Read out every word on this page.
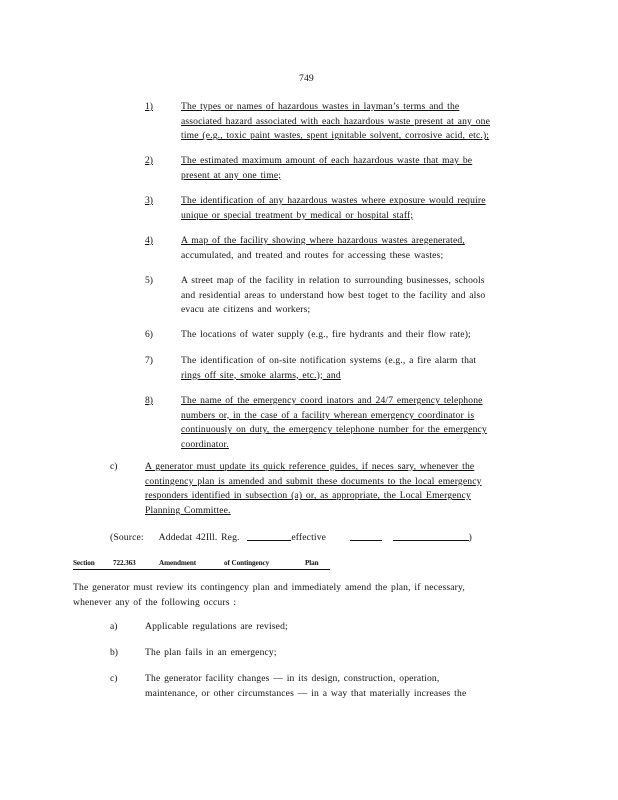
749
1)	The types or names of hazardous wastes in layman’s terms and the
associated hazard associated with each hazardous waste present at any one
time (e.g., toxic paint wastes, spent ignitable solvent, corrosive acid, etc.);
2)	The estimated maximum amount of each hazardous waste that may be
present at any one time;
3)	The identification of any hazardous wastes where exposure would require
unique or special treatment by medical or hospital staff;
4)	A map of the facility showing where hazardous wastes aregenerated,
accumulated, and treated and routes for accessing these wastes;
5)	A street map of the facility in relation to surrounding businesses, schools
and residential areas to understand how best toget to the facility and also
evacu ate citizens and workers;
6)	The locations of water supply (e.g., fire hydrants and their flow rate);
7)	The identification of on-site notification systems (e.g., a fire alarm that
rings off site, smoke alarms, etc.); and
8)	The name of the emergency coord inators and 24/7 emergency telephone
numbers or, in the case of a facility wherean emergency coordinator is
continuously on duty, the emergency telephone number for the emergency
coordinator.
c)	A generator must update its quick reference guides, if neces sary, whenever the
contingency plan is amended and submit these documents to the local emergency
responders identified in subsection (a) or, as appropriate, the Local Emergency
Planning Committee.
(Source: Addedat 42Ill. Reg.	effective	)
Section	722.363	Amendment	of Contingency	Plan
The generator must review its contingency plan and immediately amend the plan, if necessary,
whenever any of the following occurs :
a)	Applicable regulations are revised;
b)	The plan fails in an emergency;
c)	The generator facility changes — in its design, construction, operation,
maintenance, or other circumstances — in a way that materially increases the
